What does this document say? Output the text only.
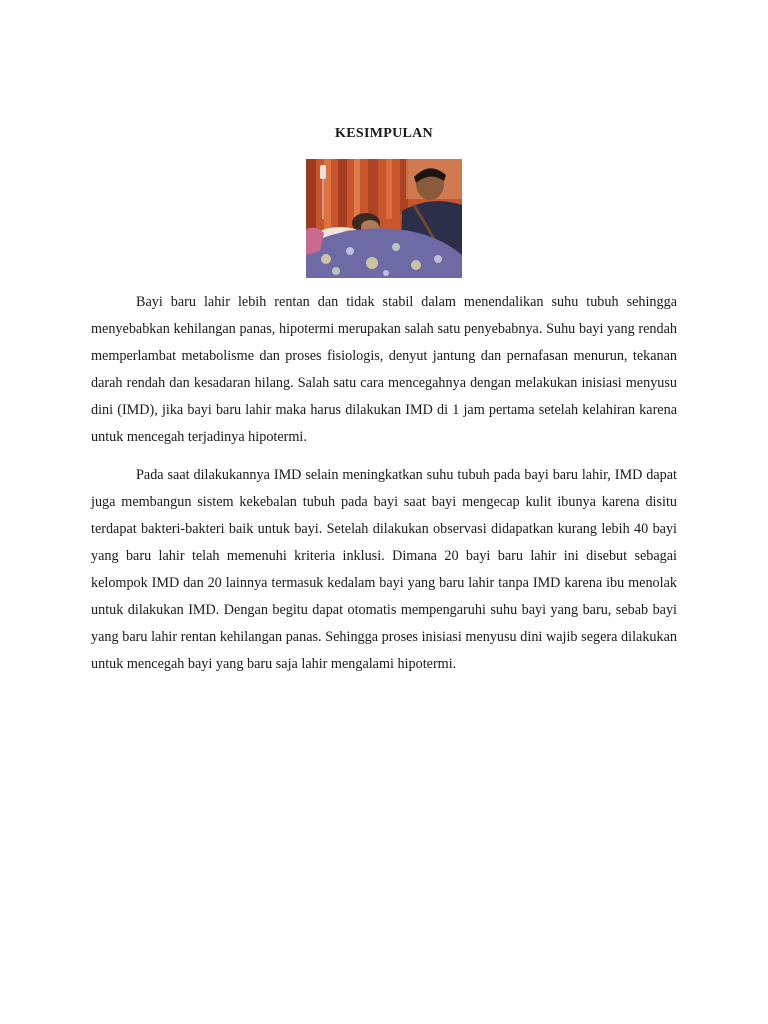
KESIMPULAN

Bayi baru lahir lebih rentan dan tidak stabil dalam menendalikan suhu tubuh sehingga menyebabkan kehilangan panas, hipotermi merupakan salah satu penyebabnya. Suhu bayi yang rendah memperlambat metabolisme dan proses fisiologis, denyut jantung dan pernafasan menurun, tekanan darah rendah dan kesadaran hilang. Salah satu cara mencegahnya dengan melakukan inisiasi menyusu dini (IMD), jika bayi baru lahir maka harus dilakukan IMD di 1 jam pertama setelah kelahiran karena untuk mencegah terjadinya hipotermi.

Pada saat dilakukannya IMD selain meningkatkan suhu tubuh pada bayi baru lahir, IMD dapat juga membangun sistem kekebalan tubuh pada bayi saat bayi mengecap kulit ibunya karena disitu terdapat bakteri-bakteri baik untuk bayi. Setelah dilakukan observasi didapatkan kurang lebih 40 bayi yang baru lahir telah memenuhi kriteria inklusi. Dimana 20 bayi baru lahir ini disebut sebagai kelompok IMD dan 20 lainnya termasuk kedalam bayi yang baru lahir tanpa IMD karena ibu menolak untuk dilakukan IMD. Dengan begitu dapat otomatis mempengaruhi suhu bayi yang baru, sebab bayi yang baru lahir rentan kehilangan panas. Sehingga proses inisiasi menyusu dini wajib segera dilakukan untuk mencegah bayi yang baru saja lahir mengalami hipotermi.
